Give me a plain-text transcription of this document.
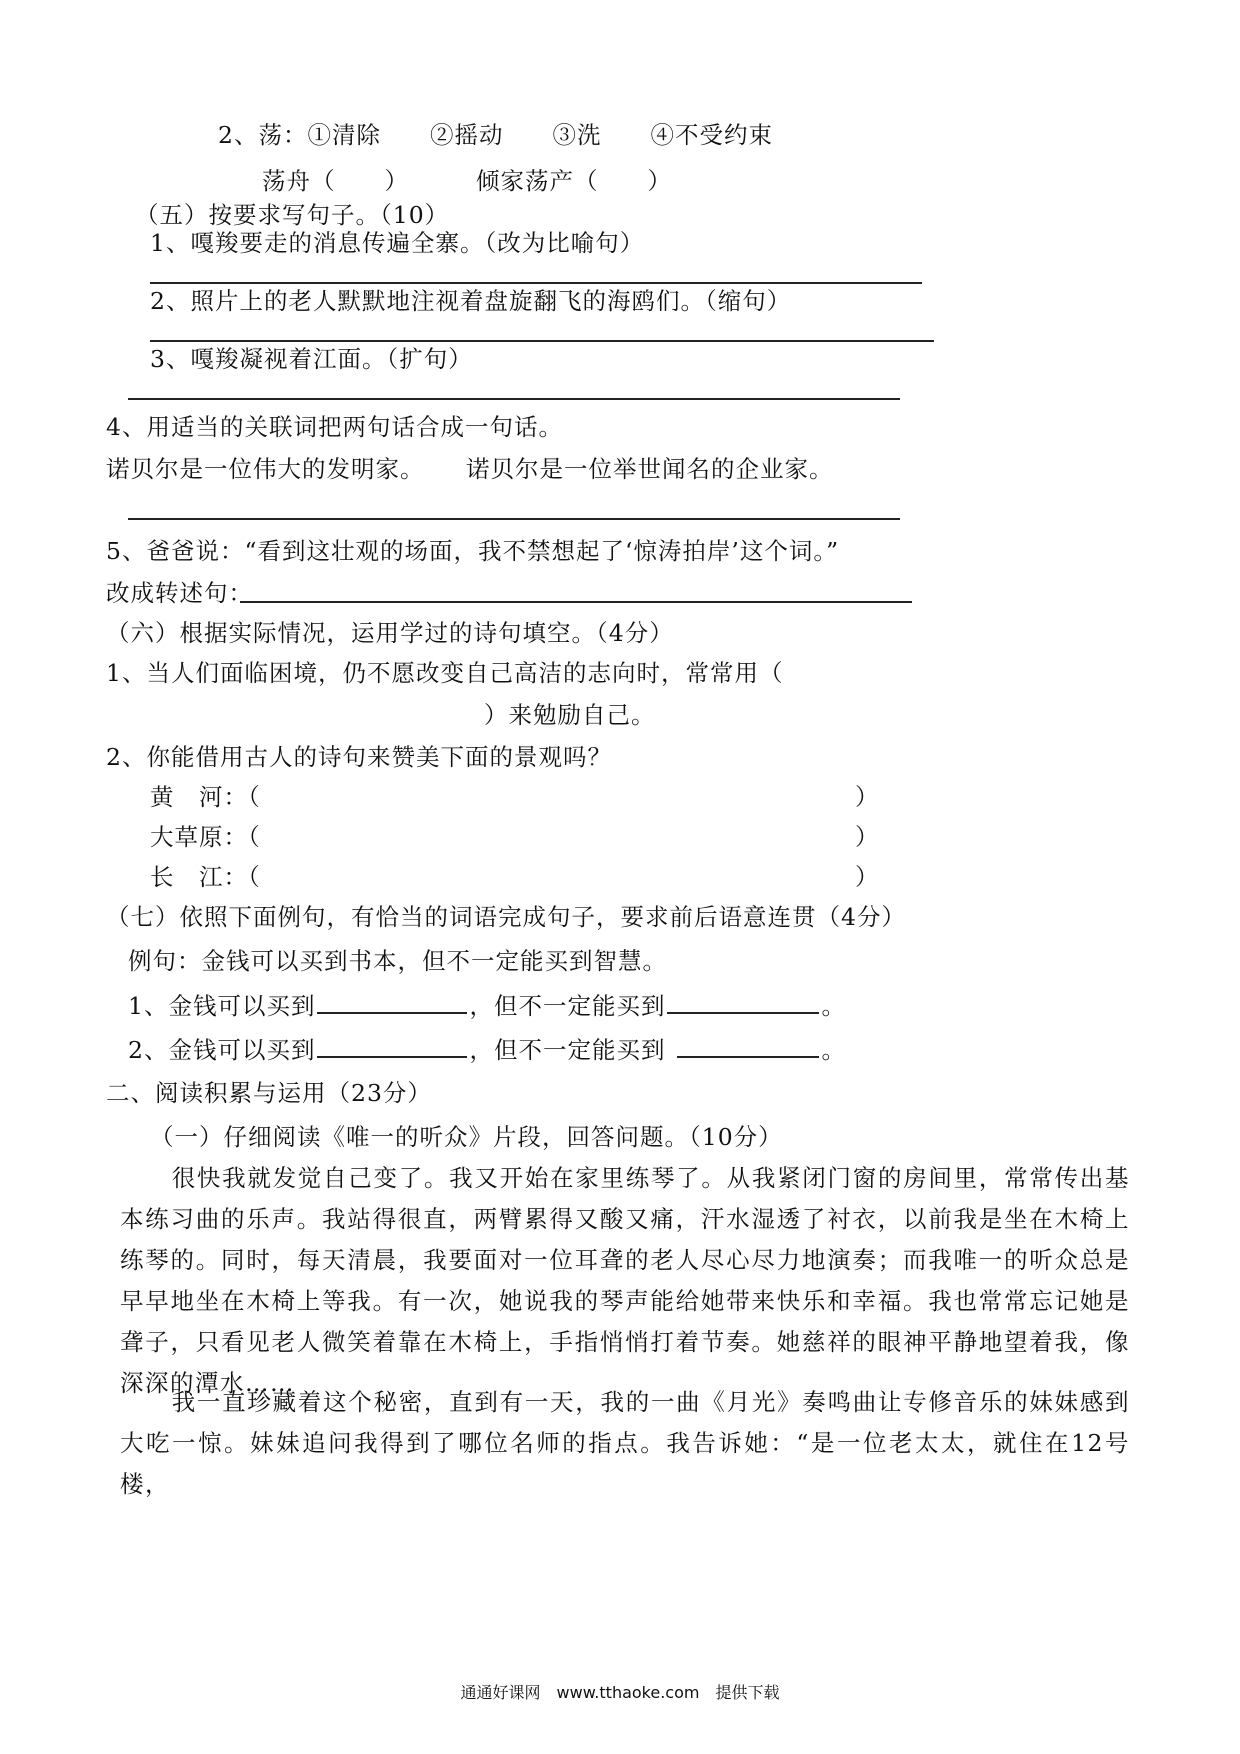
2、荡：①清除　　②摇动　　③洗　　④不受约束
荡舟（　　）	倾家荡产（　　）
（五）按要求写句子。（10）
1、嘎羧要走的消息传遍全寨。（改为比喻句）
2、照片上的老人默默地注视着盘旋翻飞的海鸥们。（缩句）
3、嘎羧凝视着江面。（扩句）
4、用适当的关联词把两句话合成一句话。
诺贝尔是一位伟大的发明家。 诺贝尔是一位举世闻名的企业家。
5、爸爸说：“看到这壮观的场面，我不禁想起了‘惊涛拍岸’这个词。”
改成转述句：
（六）根据实际情况，运用学过的诗句填空。（4分）
1、当人们面临困境，仍不愿改变自己高洁的志向时，常常用（
）来勉励自己。
2、你能借用古人的诗句来赞美下面的景观吗？
黄　河：（	）
大草原：（	）
长　江：（	）
（七）依照下面例句，有恰当的词语完成句子，要求前后语意连贯（4分）
例句：金钱可以买到书本，但不一定能买到智慧。
1、金钱可以买到	，但不一定能买到	。
2、金钱可以买到	，但不一定能买到	。
二、阅读积累与运用（23分）
（一）仔细阅读《唯一的听众》片段，回答问题。（10分）
很快我就发觉自己变了。我又开始在家里练琴了。从我紧闭门窗的房间里，常常传出基本练习曲的乐声。我站得很直，两臂累得又酸又痛，汗水湿透了衬衣，以前我是坐在木椅上练琴的。同时，每天清晨，我要面对一位耳聋的老人尽心尽力地演奏；而我唯一的听众总是早早地坐在木椅上等我。有一次，她说我的琴声能给她带来快乐和幸福。我也常常忘记她是聋子，只看见老人微笑着靠在木椅上，手指悄悄打着节奏。她慈祥的眼神平静地望着我，像深深的潭水……
我一直珍藏着这个秘密，直到有一天，我的一曲《月光》奏鸣曲让专修音乐的妹妹感到大吃一惊。妹妹追问我得到了哪位名师的指点。我告诉她：“是一位老太太，就住在12号楼，
通通好课网　www.tthaoke.com　提供下载
